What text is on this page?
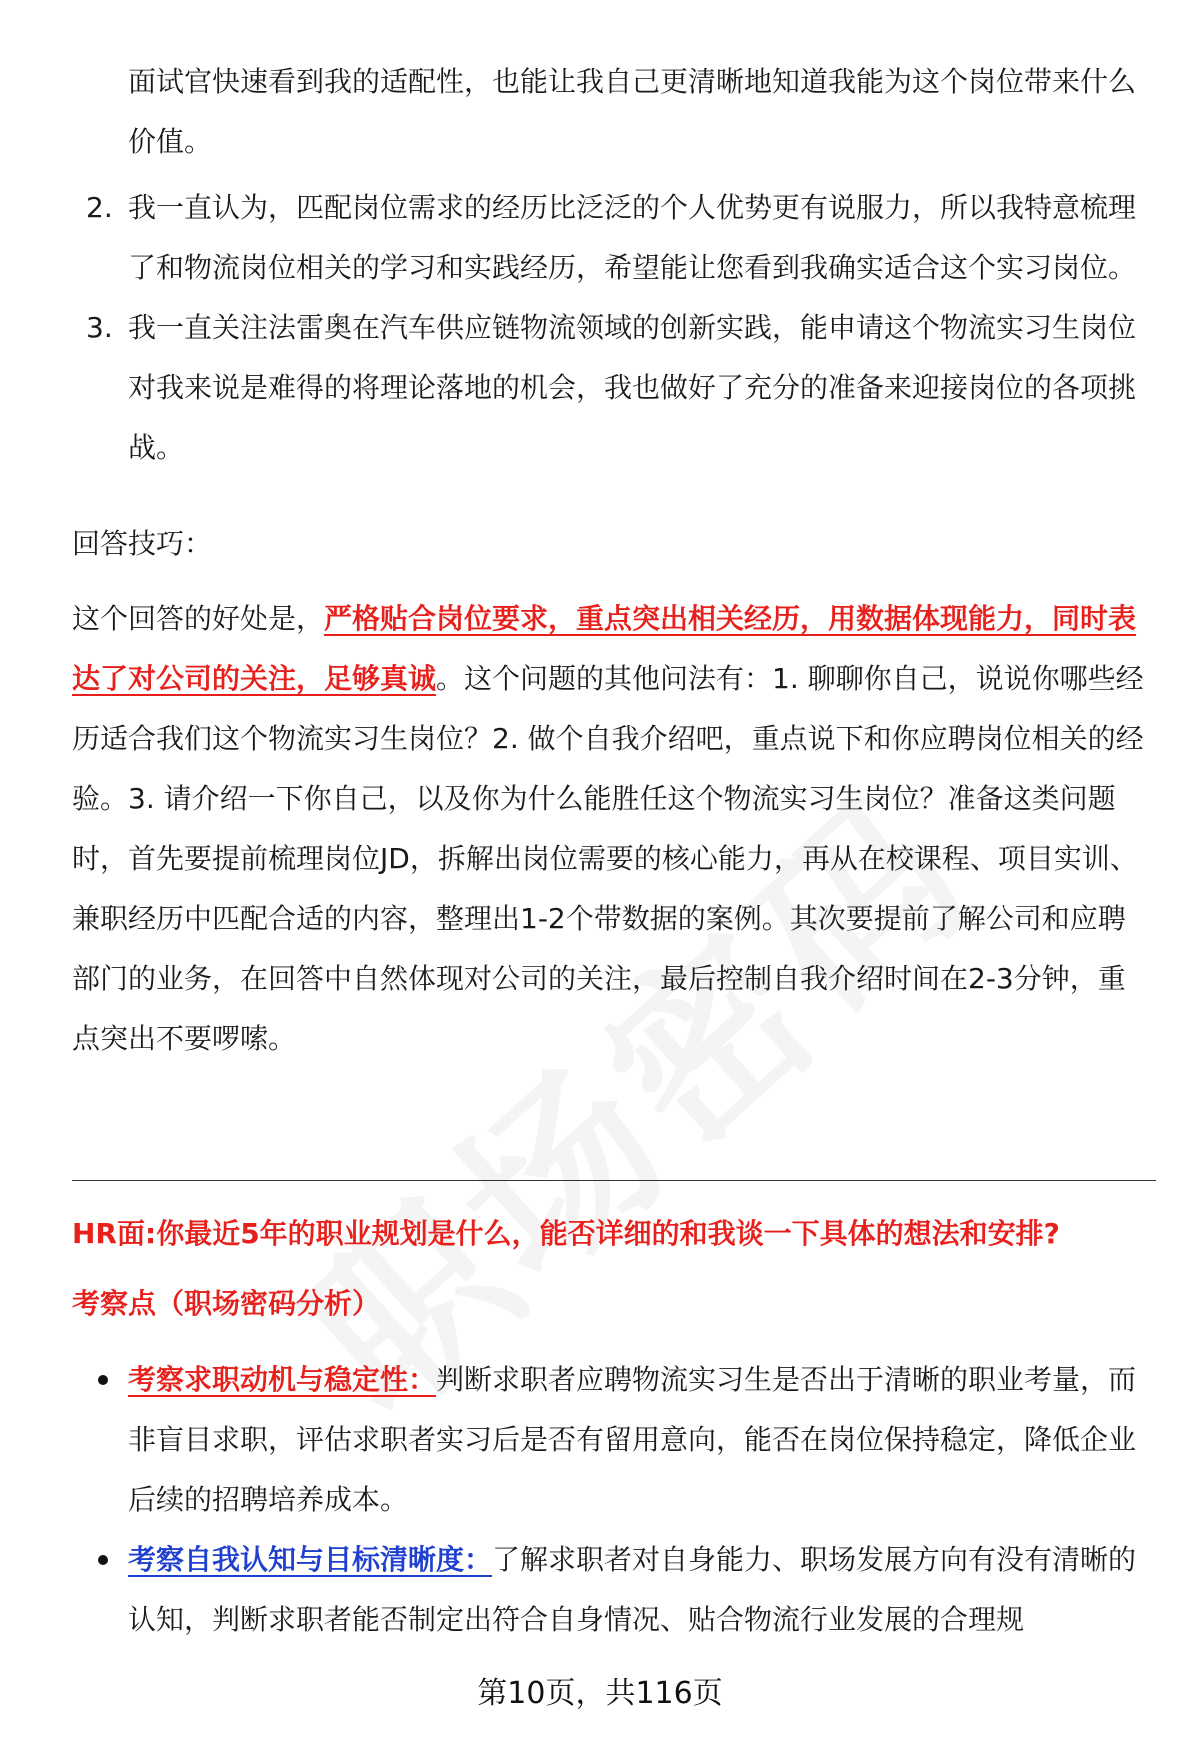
面试官快速看到我的适配性，也能让我自己更清晰地知道我能为这个岗位带来什么价值。

2. 我一直认为，匹配岗位需求的经历比泛泛的个人优势更有说服力，所以我特意梳理了和物流岗位相关的学习和实践经历，希望能让您看到我确实适合这个实习岗位。
3. 我一直关注法雷奥在汽车供应链物流领域的创新实践，能申请这个物流实习生岗位对我来说是难得的将理论落地的机会，我也做好了充分的准备来迎接岗位的各项挑战。

回答技巧：

这个回答的好处是，严格贴合岗位要求，重点突出相关经历，用数据体现能力，同时表达了对公司的关注，足够真诚。这个问题的其他问法有：1. 聊聊你自己，说说你哪些经历适合我们这个物流实习生岗位？2. 做个自我介绍吧，重点说下和你应聘岗位相关的经验。3. 请介绍一下你自己，以及你为什么能胜任这个物流实习生岗位？准备这类问题时，首先要提前梳理岗位JD，拆解出岗位需要的核心能力，再从在校课程、项目实训、兼职经历中匹配合适的内容，整理出1-2个带数据的案例。其次要提前了解公司和应聘部门的业务，在回答中自然体现对公司的关注，最后控制自我介绍时间在2-3分钟，重点突出不要啰嗦。

HR面:你最近5年的职业规划是什么，能否详细的和我谈一下具体的想法和安排?

考察点（职场密码分析）

考察求职动机与稳定性：判断求职者应聘物流实习生是否出于清晰的职业考量，而非盲目求职，评估求职者实习后是否有留用意向，能否在岗位保持稳定，降低企业后续的招聘培养成本。
考察自我认知与目标清晰度：了解求职者对自身能力、职场发展方向有没有清晰的认知，判断求职者能否制定出符合自身情况、贴合物流行业发展的合理规
第10页，共116页
